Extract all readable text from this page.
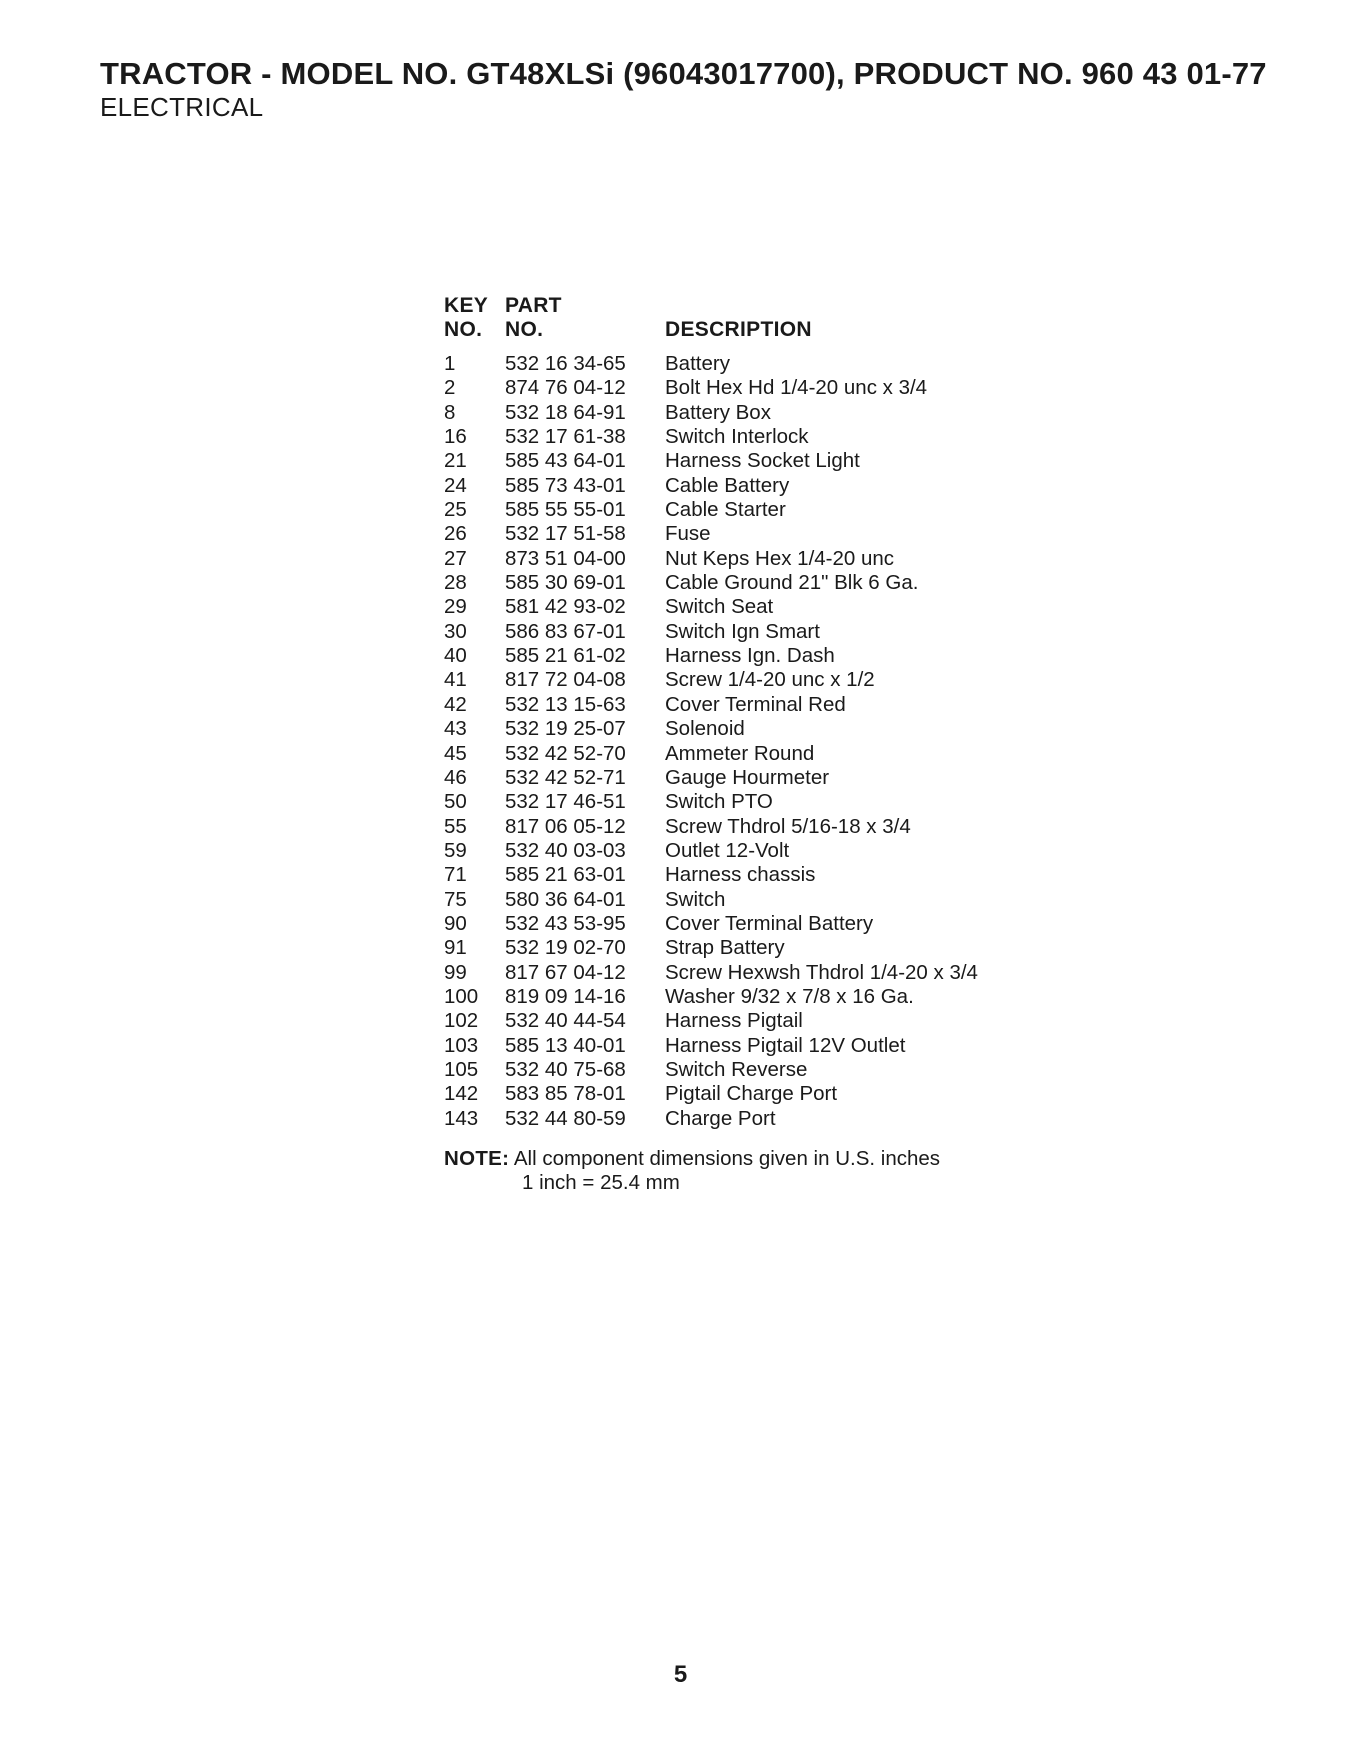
TRACTOR - MODEL NO. GT48XLSi (96043017700), PRODUCT NO. 960 43 01-77
ELECTRICAL
KEY PART
NO. NO.	DESCRIPTION
1 532 16 34-65 Battery
2 874 76 04-12 Bolt Hex Hd 1/4-20 unc x 3/4
8 532 18 64-91 Battery Box
16 532 17 61-38 Switch Interlock
21 585 43 64-01 Harness Socket Light
24 585 73 43-01 Cable Battery
25 585 55 55-01 Cable Starter
26 532 17 51-58 Fuse
27 873 51 04-00 Nut Keps Hex 1/4-20 unc
28 585 30 69-01 Cable Ground 21" Blk 6 Ga.
29 581 42 93-02 Switch Seat
30 586 83 67-01 Switch Ign Smart
40 585 21 61-02 Harness Ign. Dash
41 817 72 04-08 Screw 1/4-20 unc x 1/2
42 532 13 15-63 Cover Terminal Red
43 532 19 25-07 Solenoid
45 532 42 52-70 Ammeter Round
46 532 42 52-71 Gauge Hourmeter
50 532 17 46-51 Switch PTO
55 817 06 05-12 Screw Thdrol 5/16-18 x 3/4
59 532 40 03-03 Outlet 12-Volt
71 585 21 63-01 Harness chassis
75 580 36 64-01 Switch
90 532 43 53-95 Cover Terminal Battery
91 532 19 02-70 Strap Battery
99 817 67 04-12 Screw Hexwsh Thdrol 1/4-20 x 3/4
100 819 09 14-16 Washer 9/32 x 7/8 x 16 Ga.
102 532 40 44-54 Harness Pigtail
103 585 13 40-01 Harness Pigtail 12V Outlet
105 532 40 75-68 Switch Reverse
142 583 85 78-01 Pigtail Charge Port
143 532 44 80-59 Charge Port
NOTE: All component dimensions given in U.S. inches
1 inch = 25.4 mm
5
